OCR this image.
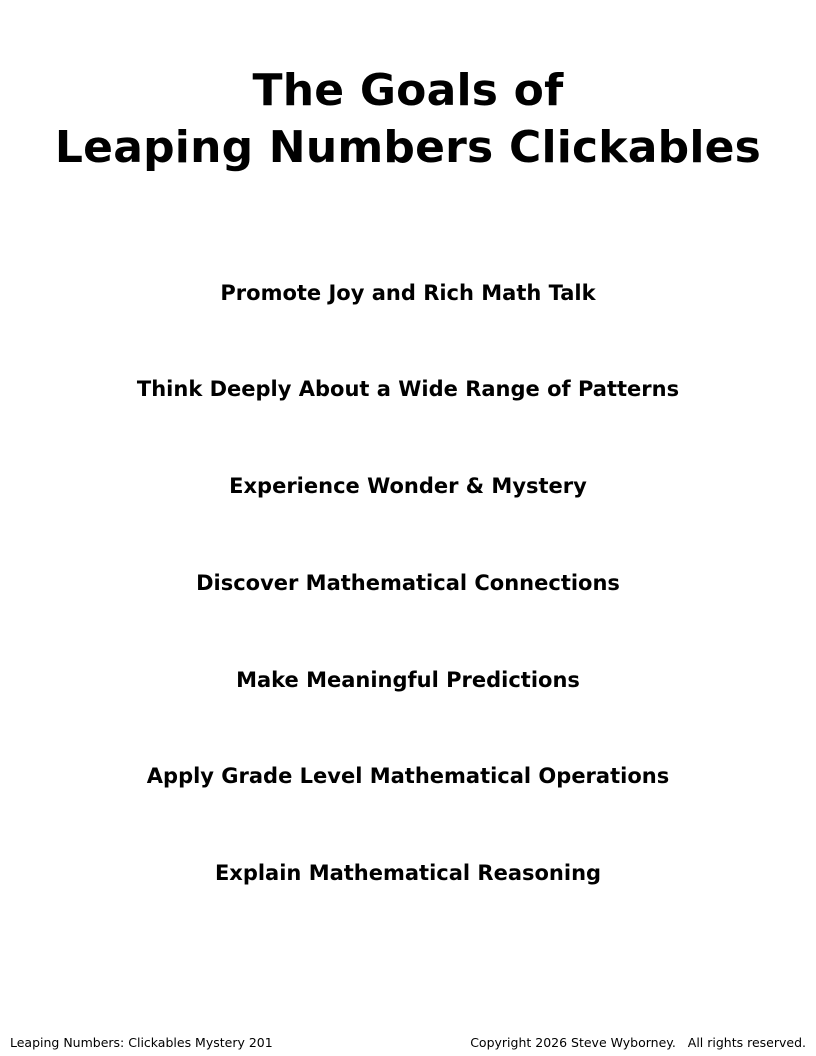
The Goals of
Leaping Numbers Clickables
Promote Joy and Rich Math Talk
Think Deeply About a Wide Range of Patterns
Experience Wonder & Mystery
Discover Mathematical Connections
Make Meaningful Predictions
Apply Grade Level Mathematical Operations
Explain Mathematical Reasoning
Leaping Numbers: Clickables Mystery 201	Copyright 2026 Steve Wyborney.   All rights reserved.
